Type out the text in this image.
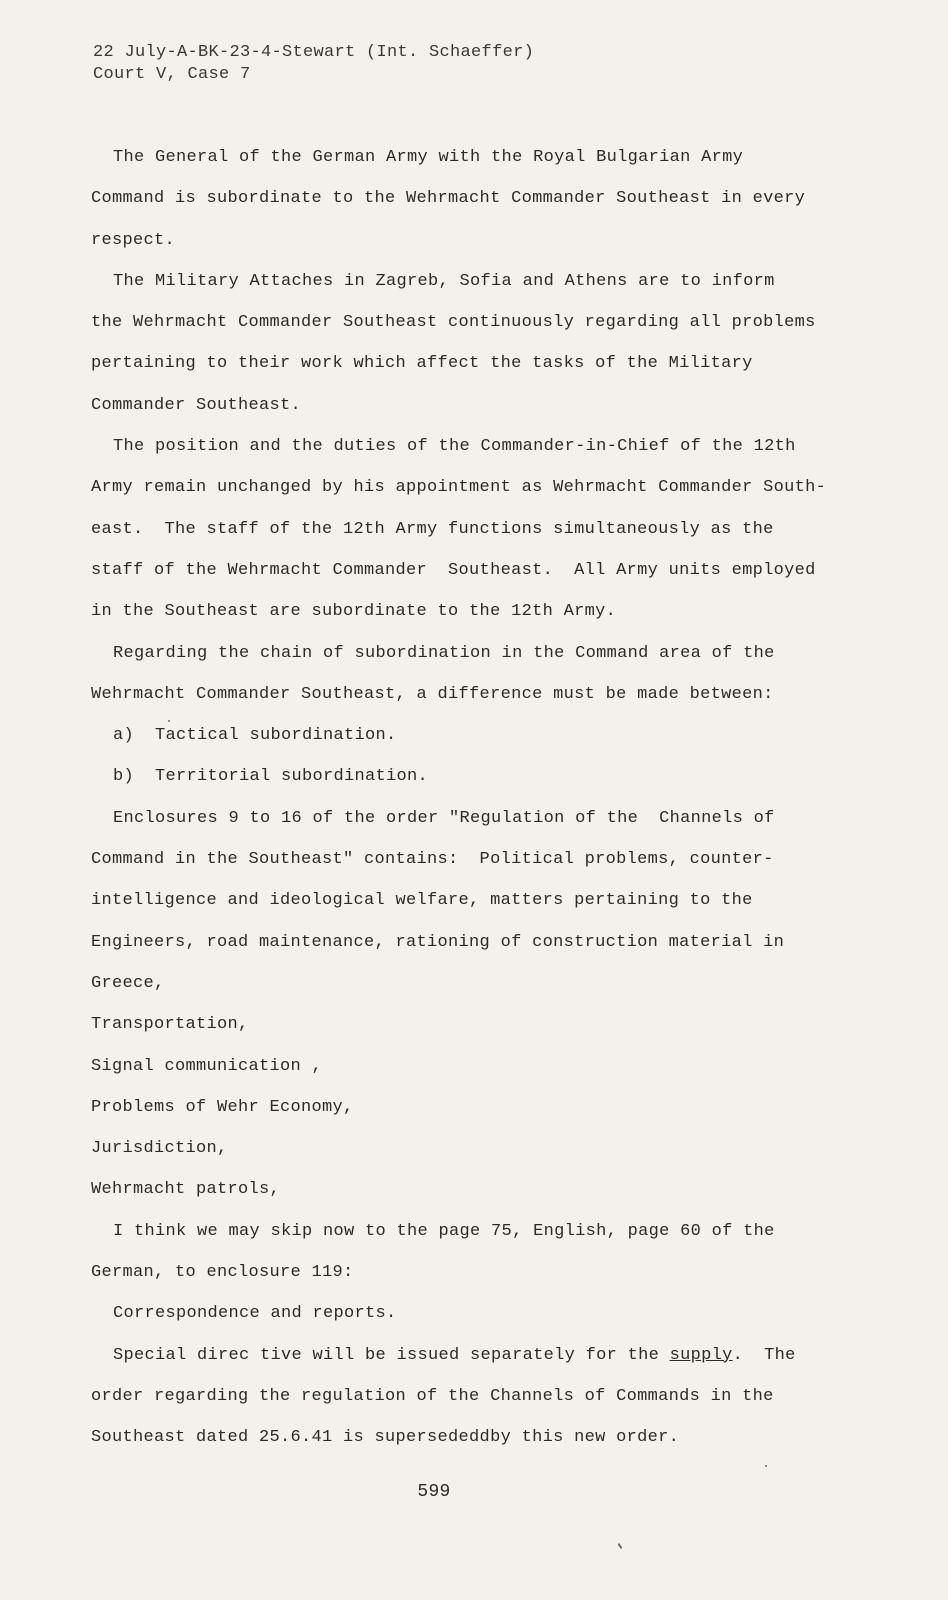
22 July-A-BK-23-4-Stewart (Int. Schaeffer)
Court V, Case 7
The General of the German Army with the Royal Bulgarian Army
Command is subordinate to the Wehrmacht Commander Southeast in every
respect.
The Military Attaches in Zagreb, Sofia and Athens are to inform
the Wehrmacht Commander Southeast continuously regarding all problems
pertaining to their work which affect the tasks of the Military
Commander Southeast.
The position and the duties of the Commander-in-Chief of the 12th
Army remain unchanged by his appointment as Wehrmacht Commander South-
east.  The staff of the 12th Army functions simultaneously as the
staff of the Wehrmacht Commander  Southeast.  All Army units employed
in the Southeast are subordinate to the 12th Army.
Regarding the chain of subordination in the Command area of the
Wehrmacht Commander Southeast, a difference must be made between:
a)  Tactical subordination.
b)  Territorial subordination.
Enclosures 9 to 16 of the order "Regulation of the  Channels of
Command in the Southeast" contains:  Political problems, counter-
intelligence and ideological welfare, matters pertaining to the
Engineers, road maintenance, rationing of construction material in
Greece,
Transportation,
Signal communication ,
Problems of Wehr Economy,
Jurisdiction,
Wehrmacht patrols,
I think we may skip now to the page 75, English, page 60 of the
German, to enclosure 119:
Correspondence and reports.
Special direc tive will be issued separately for the supply. The
order regarding the regulation of the Channels of Commands in the
Southeast dated 25.6.41 is supersededdby this new order.
599
